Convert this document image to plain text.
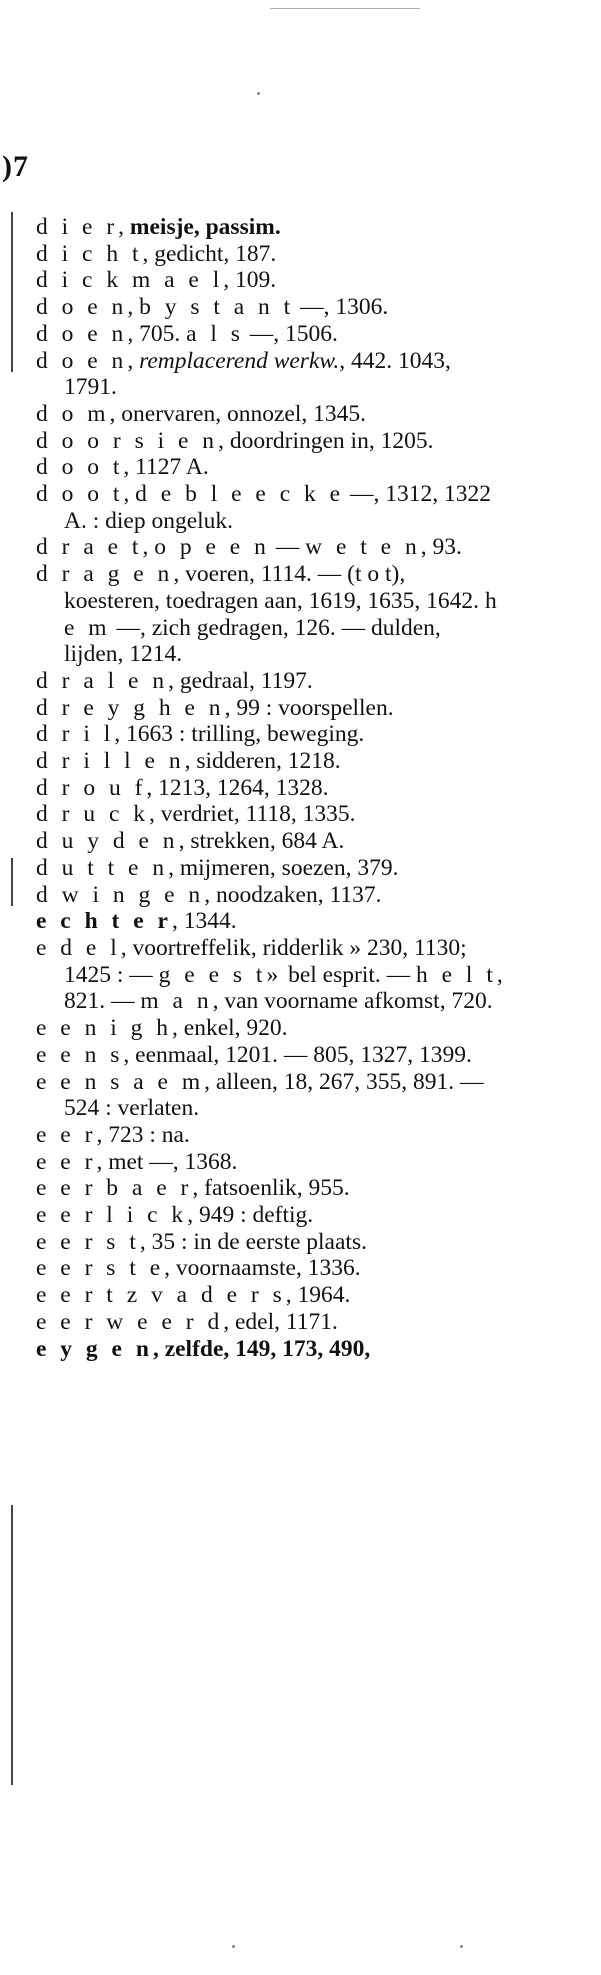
)7
d i e r, meisje, passim.
d i c h t, gedicht, 187.
d i c k m a e l, 109.
d o e n, b y s t a n t —, 1306.
d o e n, 705. a l s —, 1506.
d o e n, remplacerend werkw., 442. 1043, 1791.
d o m, onervaren, onnozel, 1345.
d o o r s i e n, doordringen in, 1205.
d o o t, 1127 A.
d o o t, d e b l e e c k e —, 1312, 1322 A. : diep ongeluk.
d r a e t, o p e e n — w e t e n, 93.
d r a g e n, voeren, 1114. — (t o t), koesteren, toedragen aan, 1619, 1635, 1642. h e m —, zich gedragen, 126. — dulden, lijden, 1214.
d r a l e n, gedraal, 1197.
d r e y g h e n, 99 : voorspellen.
d r i l, 1663 : trilling, beweging.
d r i l l e n, sidderen, 1218.
d r o u f, 1213, 1264, 1328.
d r u c k, verdriet, 1118, 1335.
d u y d e n, strekken, 684 A.
d u t t e n, mijmeren, soezen, 379.
d w i n g e n, noodzaken, 1137.
e c h t e r, 1344.
e d e l, voortreffelik, ridderlik » 230, 1130; 1425 : — g e e s t» bel esprit. — h e l t, 821. — m a n, van voorname afkomst, 720.
e e n i g h, enkel, 920.
e e n s, eenmaal, 1201. — 805, 1327, 1399.
e e n s a e m, alleen, 18, 267, 355, 891. — 524 : verlaten.
e e r, 723 : na.
e e r, met —, 1368.
e e r b a e r, fatsoenlik, 955.
e e r l i c k, 949 : deftig.
e e r s t, 35 : in de eerste plaats.
e e r s t e, voornaamste, 1336.
e e r t z v a d e r s, 1964.
e e r w e e r d, edel, 1171.
e y g e n, zelfde, 149, 173, 490,
